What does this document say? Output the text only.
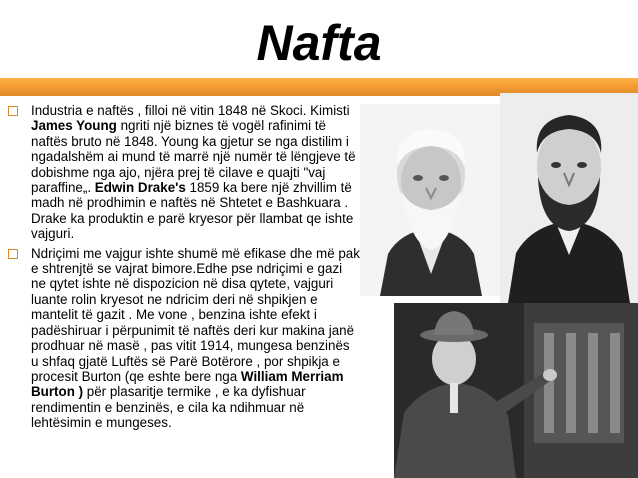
Nafta
Industria e naftës , filloi në vitin 1848 në Skoci. Kimisti James Young ngriti një biznes të vogël rafinimi të naftës bruto në 1848. Young ka gjetur se nga distilim i ngadalshëm ai mund të marrë një numër të lëngjeve të dobishme nga ajo, njëra prej të cilave e quajti "vaj paraffine„. Edwin Drake's 1859 ka bere një zhvillim të madh në prodhimin e naftës në Shtetet e Bashkuara . Drake ka produktin e parë kryesor për llambat qe ishte vajguri.
Ndriçimi me vajgur ishte shumë më efikase dhe më pak e shtrenjtë se vajrat bimore.Edhe pse ndriçimi e gazi ne qytet ishte në dispozicion në disa qytete, vajguri luante rolin kryesot ne ndricim deri në shpikjen e mantelit të gazit . Me vone , benzina ishte efekt i padëshiruar i përpunimit të naftës deri kur makina janë prodhuar në masë , pas vitit 1914, mungesa benzinës u shfaq gjatë Luftës së Parë Botërore , por shpikja e procesit Burton (qe eshte bere nga William Merriam Burton ) për plasaritje termike , e ka dyfishuar rendimentin e benzinës, e cila ka ndihmuar në lehtësimin e mungeses.
